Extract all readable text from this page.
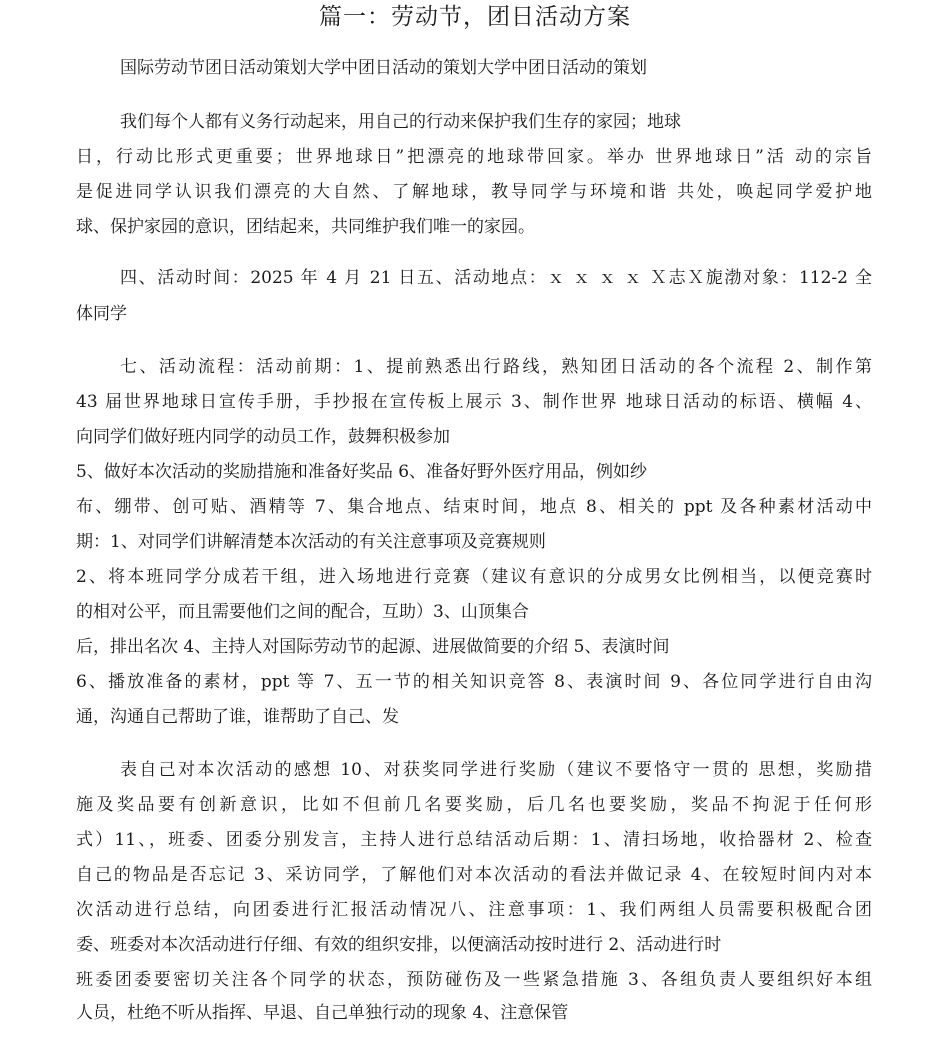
篇一：劳动节，团日活动方案

国际劳动节团日活动策划大学中团日活动的策划大学中团日活动的策划

我们每个人都有义务行动起来，用自己的行动来保护我们生存的家园；地球

日，行动比形式更重要；世界地球日”把漂亮的地球带回家。举办 世界地球日”活 动的宗旨

是促进同学认识我们漂亮的大自然、了解地球，教导同学与环境和谐 共处，唤起同学爱护地

球、保护家园的意识，团结起来，共同维护我们唯一的家园。

四、活动时间：2025 年 4 月 21 日五、活动地点：ｘ ｘ ｘ ｘ Ｘ志Ｘ旎渤对象：112-2 全

体同学

七、活动流程：活动前期：1、提前熟悉出行路线，熟知团日活动的各个流程 2、制作第

43 届世界地球日宣传手册，手抄报在宣传板上展示 3、制作世界 地球日活动的标语、横幅 4、

向同学们做好班内同学的动员工作，鼓舞积极参加

5、做好本次活动的奖励措施和准备好奖品 6、准备好野外医疗用品，例如纱

布、绷带、创可贴、酒精等 7、集合地点、结束时间，地点 8、相关的 ppt 及各种素材活动中

期：1、对同学们讲解清楚本次活动的有关注意事项及竞赛规则

2、将本班同学分成若干组，进入场地进行竞赛（建议有意识的分成男女比例相当，以便竞赛时

的相对公平，而且需要他们之间的配合，互助）3、山顶集合

后，排出名次 4、主持人对国际劳动节的起源、进展做简要的介绍 5、表演时间

6、播放准备的素材，ppt 等 7、五一节的相关知识竞答 8、表演时间 9、各位同学进行自由沟

通，沟通自己帮助了谁，谁帮助了自己、发

表自己对本次活动的感想 10、对获奖同学进行奖励（建议不要恪守一贯的 思想，奖励措

施及奖品要有创新意识，比如不但前几名要奖励，后几名也要奖励，奖品不拘泥于任何形

式）11、，班委、团委分别发言，主持人进行总结活动后期：1、清扫场地，收拾器材 2、检查

自己的物品是否忘记 3、采访同学，了解他们对本次活动的看法并做记录 4、在较短时间内对本

次活动进行总结，向团委进行汇报活动情况八、注意事项：1、我们两组人员需要积极配合团

委、班委对本次活动进行仔细、有效的组织安排，以便滴活动按时进行 2、活动进行时

班委团委要密切关注各个同学的状态，预防碰伤及一些紧急措施 3、各组负责人要组织好本组

人员，杜绝不听从指挥、早退、自己单独行动的现象 4、注意保管
